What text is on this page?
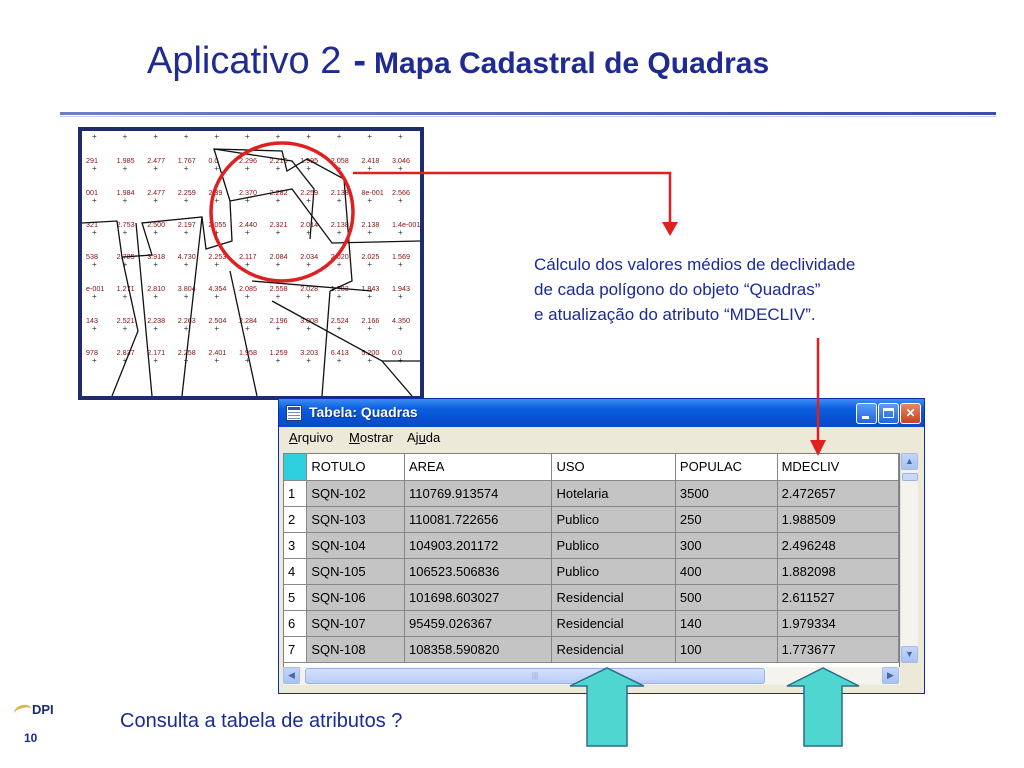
Aplicativo 2 - Mapa Cadastral de Quadras
+	+	+	+	+	+	+	+	+	+	+
+	+	+	+	+	+	+	+	+	+	+
+	+	+	+	+	+	+	+	+	+	+
+	+	+	+	+	+	+	+	+	+	+
+	+	+	+	+	+	+	+	+	+	+
+	+	+	+	+	+	+	+	+	+	+
+	+	+	+	+	+	+	+	+	+	+
+	+	+	+	+	+	+	+	+	+	+
291	1.985 2.477 1.767 0.0	2.296 2.216 1.995 2.058 2.418 3.046
001	1.984 2.477 2.259 2.39 2.370 2.282 2.259 2.138 8e-001 2.566
321	2.753 2.500 2.197 2.055 2.440 2.321 2.014 2.138 2.138 1.4e-001
538	2.785 3.918 4.730 2.253 2.117 2.084 2.034 2.020 2.025 1.569
e-001 1.271 2.810 3.804 4.354 2.085 2.558 2.028 1.983 1.843 1.943
143	2.521 2.238 2.263 2.504 2.284 2.196 3.008 2.524 2.166 4.350
978	2.837 2.171 2.258 2.401 1.958 1.259 3.203 6.413 5.200 0.0
Cálculo dos valores médios de declividade
de cada polígono do objeto “Quadras”
e atualização do atributo “MDECLIV”.
Tabela: Quadras	✕
Arquivo Mostrar Ajuda
	ROTULO	AREA	USO	POPULAC	MDECLIV
1	SQN-102	110769.913574	Hotelaria	3500	2.472657
2	SQN-103	110081.722656	Publico	250	1.988509
3	SQN-104	104903.201172	Publico	300	2.496248
4	SQN-105	106523.506836	Publico	400	1.882098
5	SQN-106	101698.603027	Residencial	500	2.611527
6	SQN-107	95459.026367	Residencial	140	1.979334
7	SQN-108	108358.590820	Residencial	100	1.773677
▲
▼
◀	|||	▶
DPI
10
Consulta a tabela de atributos ?
